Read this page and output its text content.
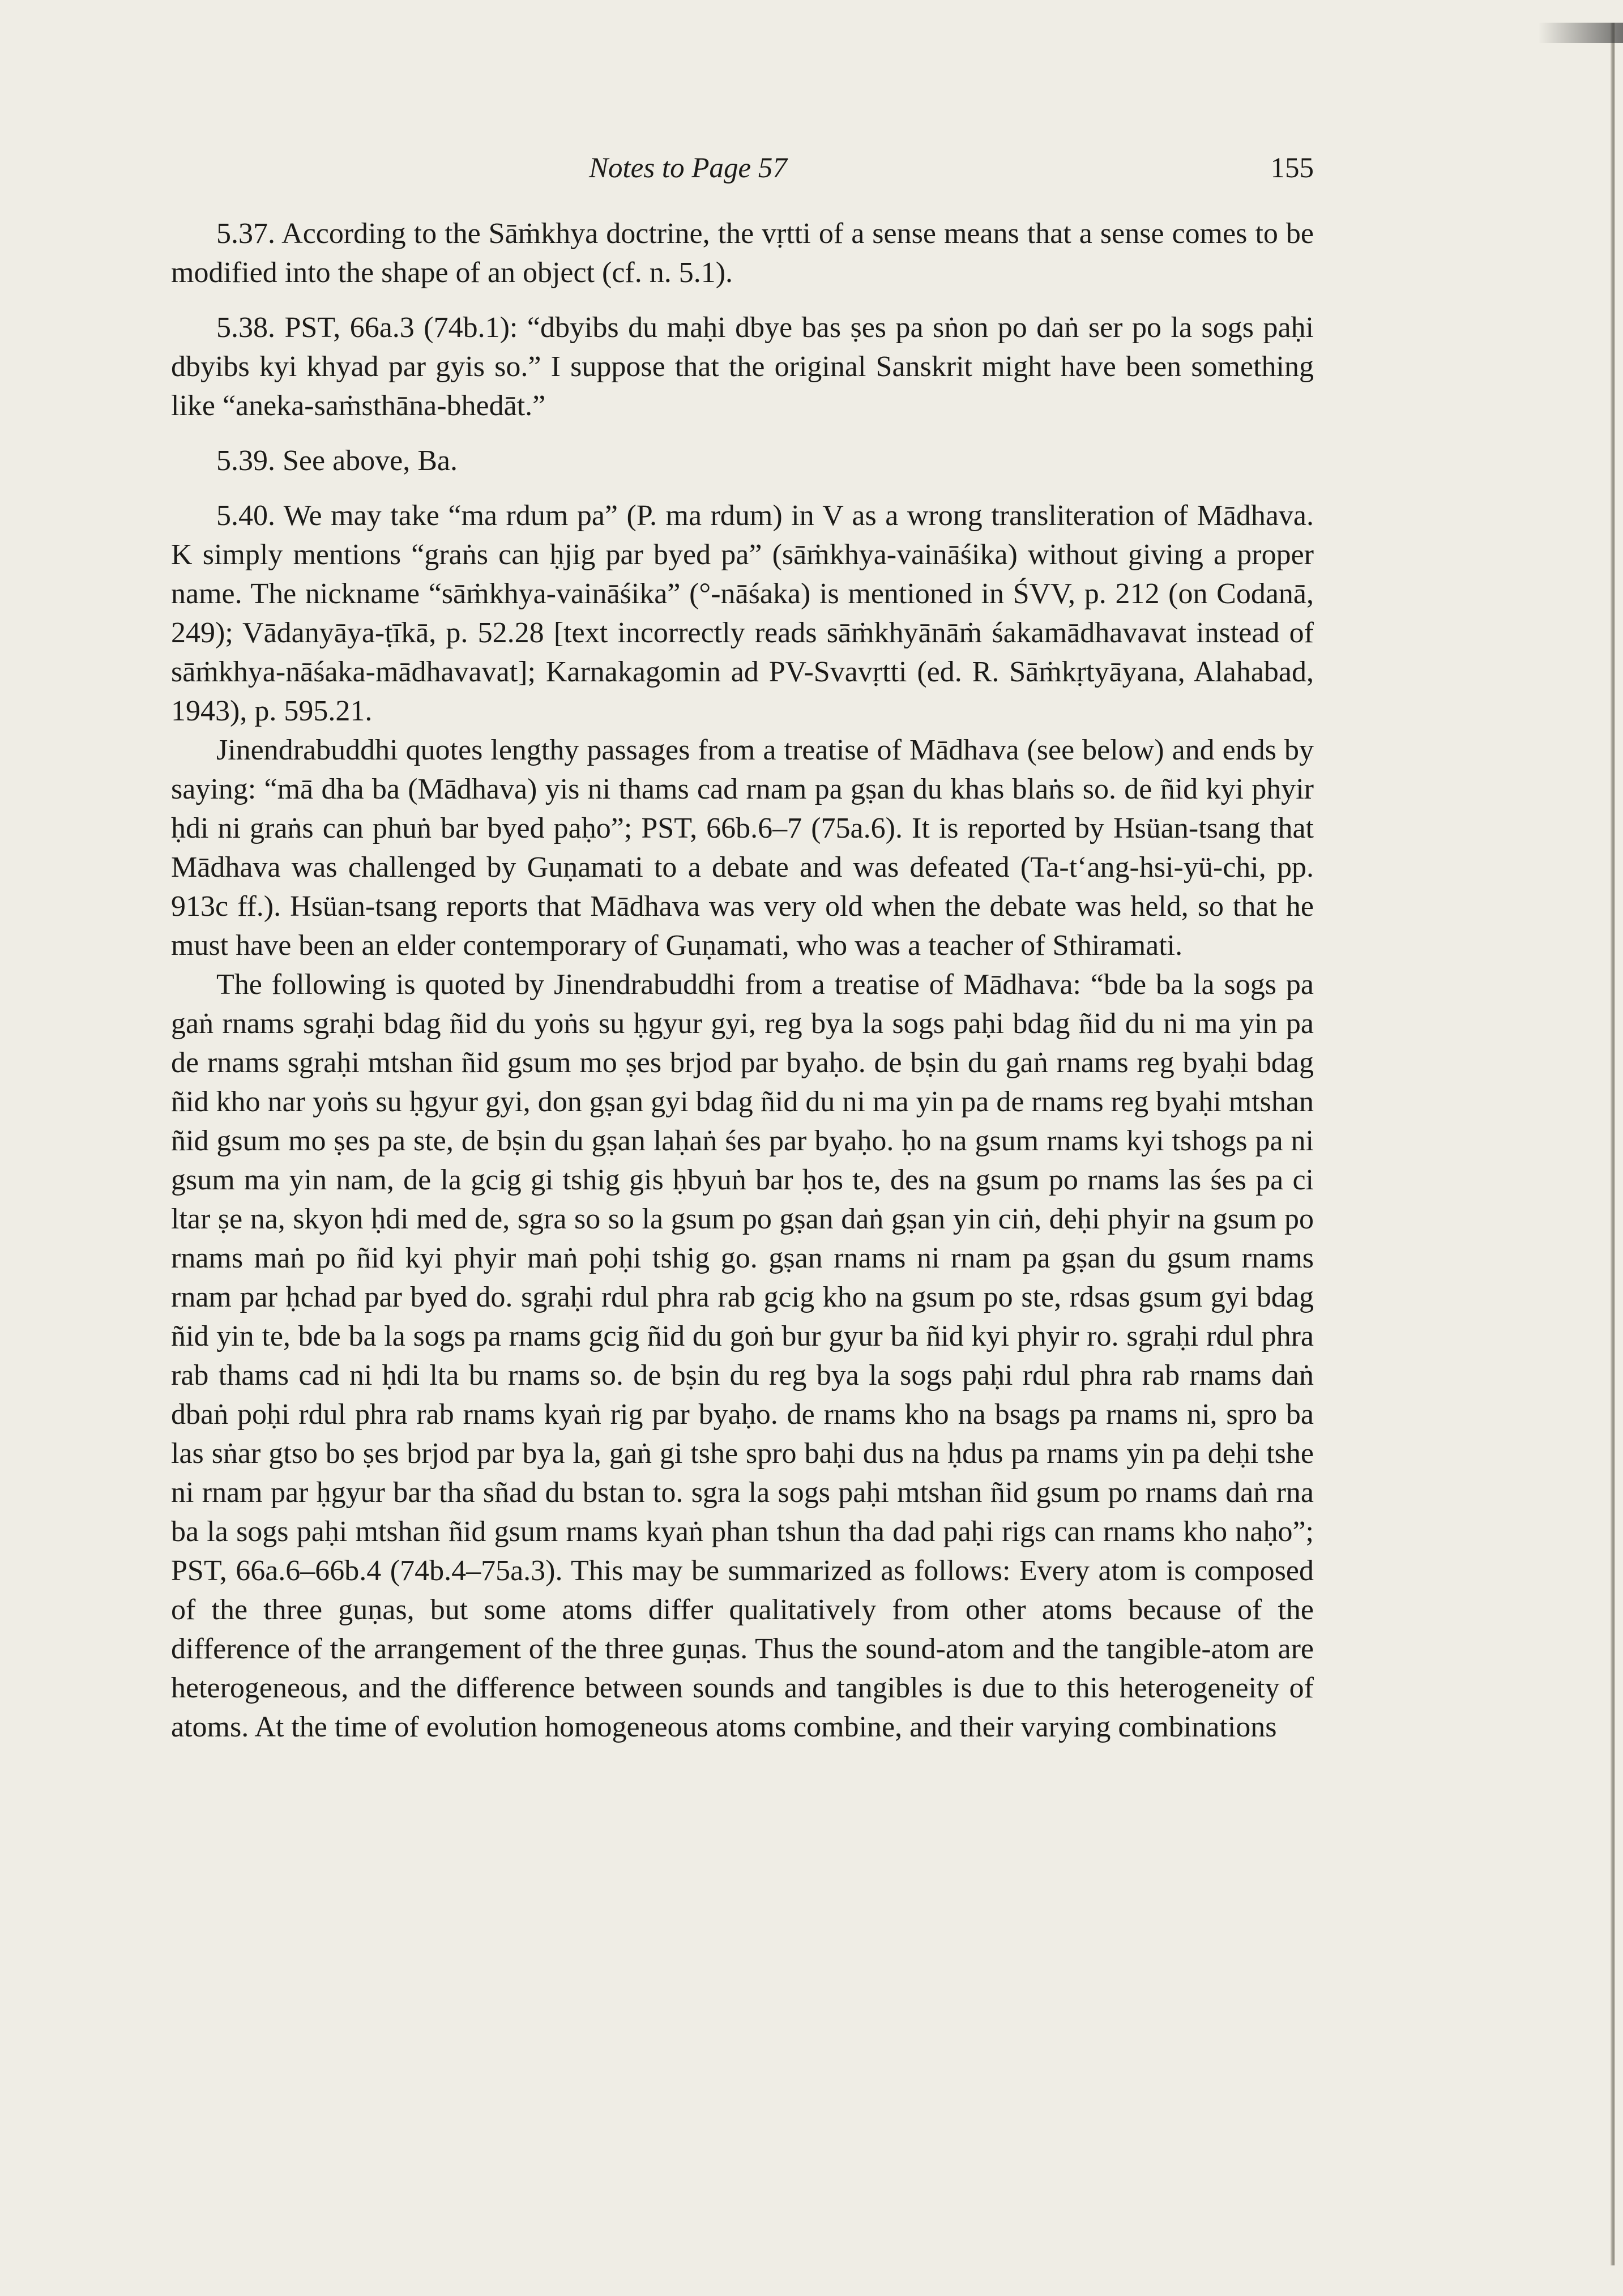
Notes to Page 57	155

5.37. According to the Sāṁkhya doctrine, the vṛtti of a sense means that a sense comes to be modified into the shape of an object (cf. n. 5.1).

5.38. PST, 66a.3 (74b.1): “dbyibs du maḥi dbye bas ṣes pa sṅon po daṅ ser po la sogs paḥi dbyibs kyi khyad par gyis so.” I suppose that the original Sanskrit might have been something like “aneka-saṁsthāna-bhedāt.”

5.39. See above, Ba.

5.40. We may take “ma rdum pa” (P. ma rdum) in V as a wrong transliteration of Mādhava. K simply mentions “graṅs can ḥjig par byed pa” (sāṁkhya-vaināśika) without giving a proper name. The nickname “sāṁkhya-vaināśika” (°-nāśaka) is mentioned in ŚVV, p. 212 (on Codanā, 249); Vādanyāya-ṭīkā, p. 52.28 [text incorrectly reads sāṁkhyānāṁ śakamādhavavat instead of sāṁkhya-nāśaka-mādhavavat]; Karnakagomin ad PV-Svavṛtti (ed. R. Sāṁkṛtyāyana, Alahabad, 1943), p. 595.21.

Jinendrabuddhi quotes lengthy passages from a treatise of Mādhava (see below) and ends by saying: “mā dha ba (Mādhava) yis ni thams cad rnam pa gṣan du khas blaṅs so. de ñid kyi phyir ḥdi ni graṅs can phuṅ bar byed paḥo”; PST, 66b.6–7 (75a.6). It is reported by Hsüan-tsang that Mādhava was challenged by Guṇamati to a debate and was defeated (Ta-tʻang-hsi-yü-chi, pp. 913c ff.). Hsüan-tsang reports that Mādhava was very old when the debate was held, so that he must have been an elder contemporary of Guṇamati, who was a teacher of Sthiramati.

The following is quoted by Jinendrabuddhi from a treatise of Mādhava: “bde ba la sogs pa gaṅ rnams sgraḥi bdag ñid du yoṅs su ḥgyur gyi, reg bya la sogs paḥi bdag ñid du ni ma yin pa de rnams sgraḥi mtshan ñid gsum mo ṣes brjod par byaḥo. de bṣin du gaṅ rnams reg byaḥi bdag ñid kho nar yoṅs su ḥgyur gyi, don gṣan gyi bdag ñid du ni ma yin pa de rnams reg byaḥi mtshan ñid gsum mo ṣes pa ste, de bṣin du gṣan laḥaṅ śes par byaḥo. ḥo na gsum rnams kyi tshogs pa ni gsum ma yin nam, de la gcig gi tshig gis ḥbyuṅ bar ḥos te, des na gsum po rnams las śes pa ci ltar ṣe na, skyon ḥdi med de, sgra so so la gsum po gṣan daṅ gṣan yin ciṅ, deḥi phyir na gsum po rnams maṅ po ñid kyi phyir maṅ poḥi tshig go. gṣan rnams ni rnam pa gṣan du gsum rnams rnam par ḥchad par byed do. sgraḥi rdul phra rab gcig kho na gsum po ste, rdsas gsum gyi bdag ñid yin te, bde ba la sogs pa rnams gcig ñid du goṅ bur gyur ba ñid kyi phyir ro. sgraḥi rdul phra rab thams cad ni ḥdi lta bu rnams so. de bṣin du reg bya la sogs paḥi rdul phra rab rnams daṅ dbaṅ poḥi rdul phra rab rnams kyaṅ rig par byaḥo. de rnams kho na bsags pa rnams ni, spro ba las sṅar gtso bo ṣes brjod par bya la, gaṅ gi tshe spro baḥi dus na ḥdus pa rnams yin pa deḥi tshe ni rnam par ḥgyur bar tha sñad du bstan to. sgra la sogs paḥi mtshan ñid gsum po rnams daṅ rna ba la sogs paḥi mtshan ñid gsum rnams kyaṅ phan tshun tha dad paḥi rigs can rnams kho naḥo”; PST, 66a.6–66b.4 (74b.4–75a.3). This may be summarized as follows: Every atom is composed of the three guṇas, but some atoms differ qualitatively from other atoms because of the difference of the arrangement of the three guṇas. Thus the sound-atom and the tangible-atom are heterogeneous, and the difference between sounds and tangibles is due to this heterogeneity of atoms. At the time of evolution homogeneous atoms combine, and their varying combinations
